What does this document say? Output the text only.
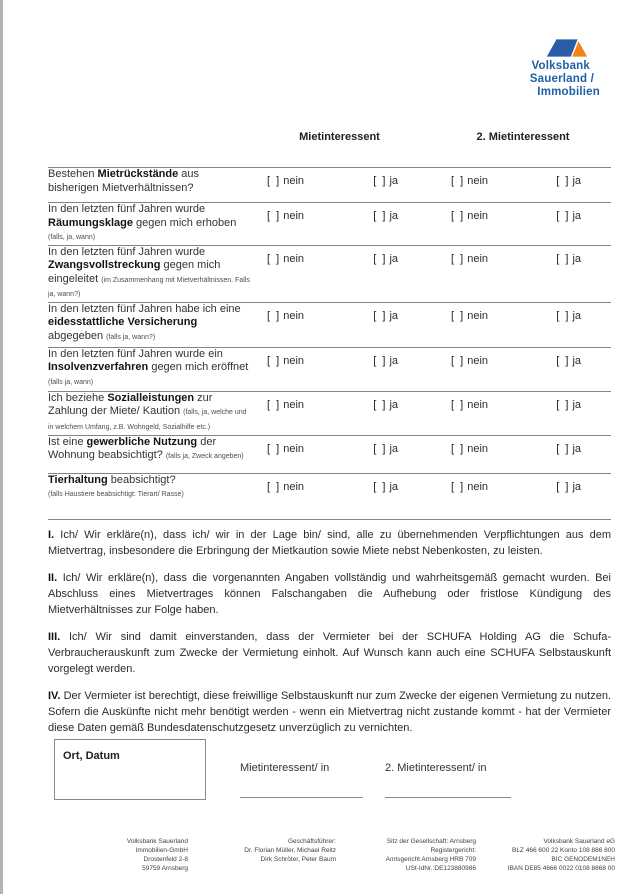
Volksbank
Sauerland /
Immobilien
	Mietinteressent		2. Mietinteressent
Bestehen Mietrückstände aus bisherigen Mietverhältnissen?	[  ] nein [  ] ja		[  ] nein [  ] ja

In den letzten fünf Jahren wurde Räumungsklage gegen mich erhoben (falls, ja, wann)	[  ] nein [  ] ja		[  ] nein [  ] ja

In den letzten fünf Jahren wurde Zwangsvollstreckung gegen mich eingeleitet (im Zusammenhang mit Mietverhältnissen. Falls ja, wann?)	[  ] nein [  ] ja		[  ] nein [  ] ja

In den letzten fünf Jahren habe ich eine eidesstattliche Versicherung abgegeben (falls ja, wann?)	[  ] nein [  ] ja		[  ] nein [  ] ja

In den letzten fünf Jahren wurde ein Insolvenzverfahren gegen mich eröffnet (falls ja, wann)	[  ] nein [  ] ja		[  ] nein [  ] ja

Ich beziehe Sozialleistungen zur Zahlung der Miete/ Kaution (falls, ja, welche und in welchem Umfang, z.B. Wohngeld, Sozialhilfe etc.)	[  ] nein [  ] ja		[  ] nein [  ] ja

Ist eine gewerbliche Nutzung der Wohnung beabsichtigt? (falls ja, Zweck angeben)	[  ] nein [  ] ja		[  ] nein [  ] ja

Tierhaltung beabsichtigt?
(falls Haustiere beabsichtigt: Tierart/ Rasse)	[  ] nein [  ] ja		[  ] nein [  ] ja

I. Ich/ Wir erkläre(n), dass ich/ wir in der Lage bin/ sind, alle zu übernehmenden Verpflichtungen aus dem Mietvertrag, insbesondere die Erbringung der Mietkaution sowie Miete nebst Nebenkosten, zu leisten.

II. Ich/ Wir erkläre(n), dass die vorgenannten Angaben vollständig und wahrheitsgemäß gemacht wurden. Bei Abschluss eines Mietvertrages können Falschangaben die Aufhebung oder fristlose Kündigung des Mietverhältnisses zur Folge haben.

III. Ich/ Wir sind damit einverstanden, dass der Vermieter bei der SCHUFA Holding AG die Schufa-Verbraucherauskunft zum Zwecke der Vermietung einholt. Auf Wunsch kann auch eine SCHUFA Selbstauskunft vorgelegt werden.

IV. Der Vermieter ist berechtigt, diese freiwillige Selbstauskunft nur zum Zwecke der eigenen Vermietung zu nutzen. Sofern die Auskünfte nicht mehr benötigt werden - wenn ein Mietvertrag nicht zustande kommt - hat der Vermieter diese Daten gemäß Bundesdatenschutzgesetz unverzüglich zu vernichten.

Ort, Datum
Mietinteressent/ in	2. Mietinteressent/ in
Volksbank Sauerland
Immobilien-GmbH
Drostenfeld 2-8
59759 Arnsberg
Geschäftsführer:
Dr. Florian Müller, Michael Reitz
Dirk Schröter, Peter Baum
Sitz der Gesellschaft: Arnsberg
Registergericht:
Amtsgericht Arnsberg HRB 709
USt-IdNr.:DE123880986
Volksbank Sauerland eG
BLZ 466 600 22 Konto 108 886 800
BIC GENODEM1NEH
IBAN DE85 4666 0022 0108 8868 00
